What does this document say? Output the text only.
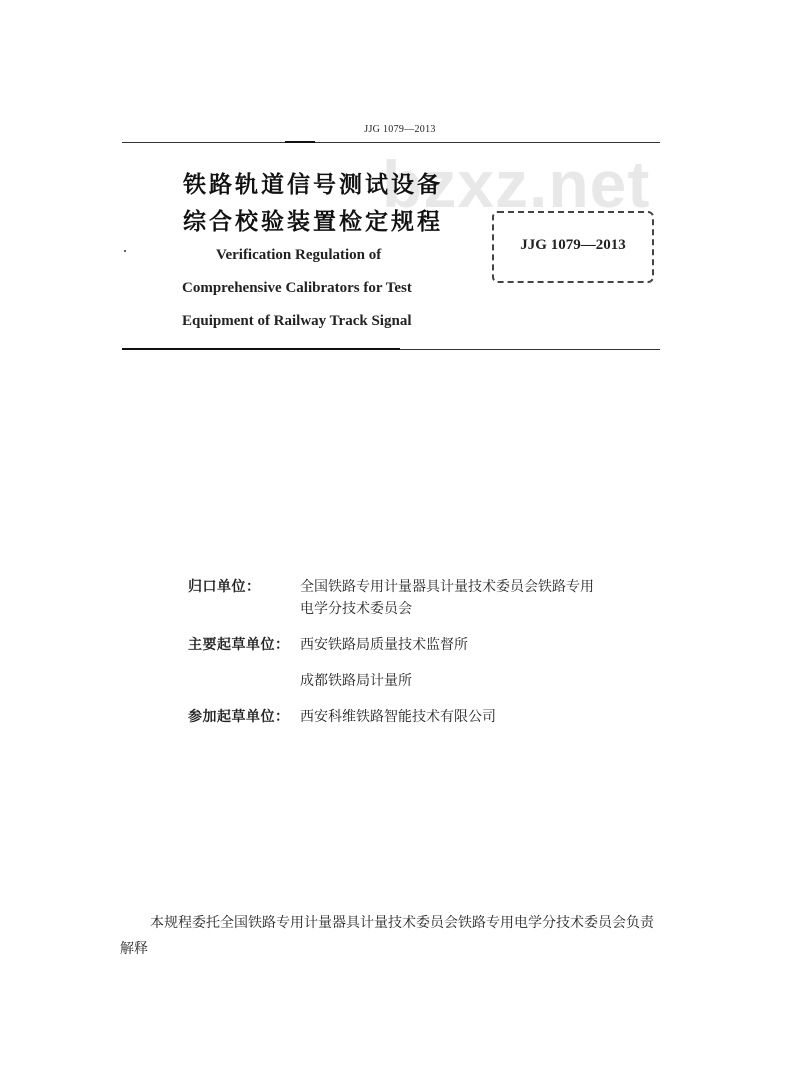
JJG 1079—2013
bzxz.net
铁路轨道信号测试设备
综合校验装置检定规程
Verification Regulation of
Comprehensive Calibrators for Test
Equipment of Railway Track Signal
JJG 1079—2013
归口单位：	全国铁路专用计量器具计量技术委员会铁路专用
电学分技术委员会
主要起草单位： 西安铁路局质量技术监督所
成都铁路局计量所
参加起草单位： 西安科维铁路智能技术有限公司
本规程委托全国铁路专用计量器具计量技术委员会铁路专用电学分技术委员会负责解释
